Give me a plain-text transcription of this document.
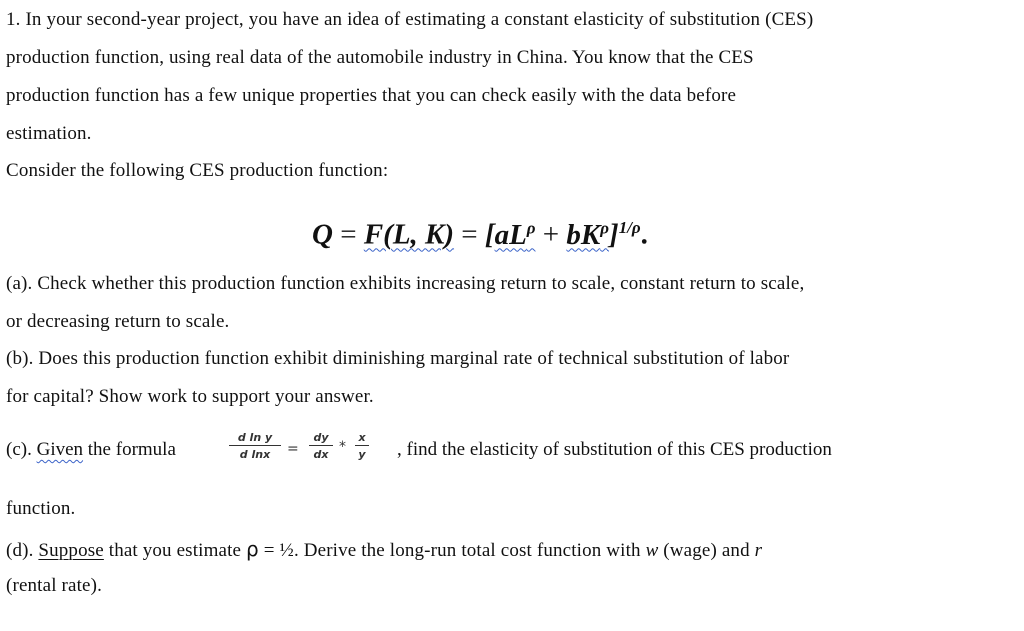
1. In your second-year project, you have an idea of estimating a constant elasticity of substitution (CES)
production function, using real data of the automobile industry in China. You know that the CES
production function has a few unique properties that you can check easily with the data before
estimation.
Consider the following CES production function:
Q = F(L, $K) = [aL^\rho + bK^\rho]^{1/\rho}$.
(a). Check whether this production function exhibits increasing return to scale, constant return to scale,
or decreasing return to scale.
(b). Does this production function exhibit diminishing marginal rate of technical substitution of labor
for capital? Show work to support your answer.
(c). Given the formula
d ln y
d lnx	=
dy
dx *
x
y , find the elasticity of substitution of this CES production
function.
(d). Suppose that you estimate ρ = ½. Derive the long-run total cost function with w (wage) and r
(rental rate).
